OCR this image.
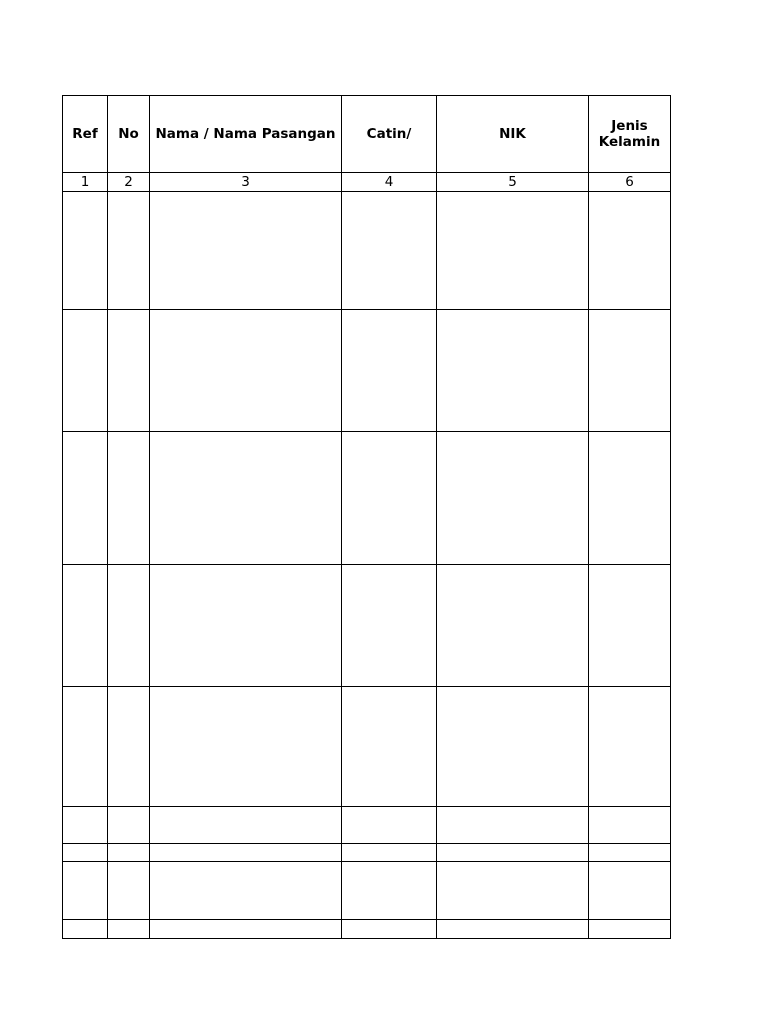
Ref	No	Nama / Nama Pasangan	Catin/	NIK	Jenis
Kelamin
1	2	3	4	5	6
